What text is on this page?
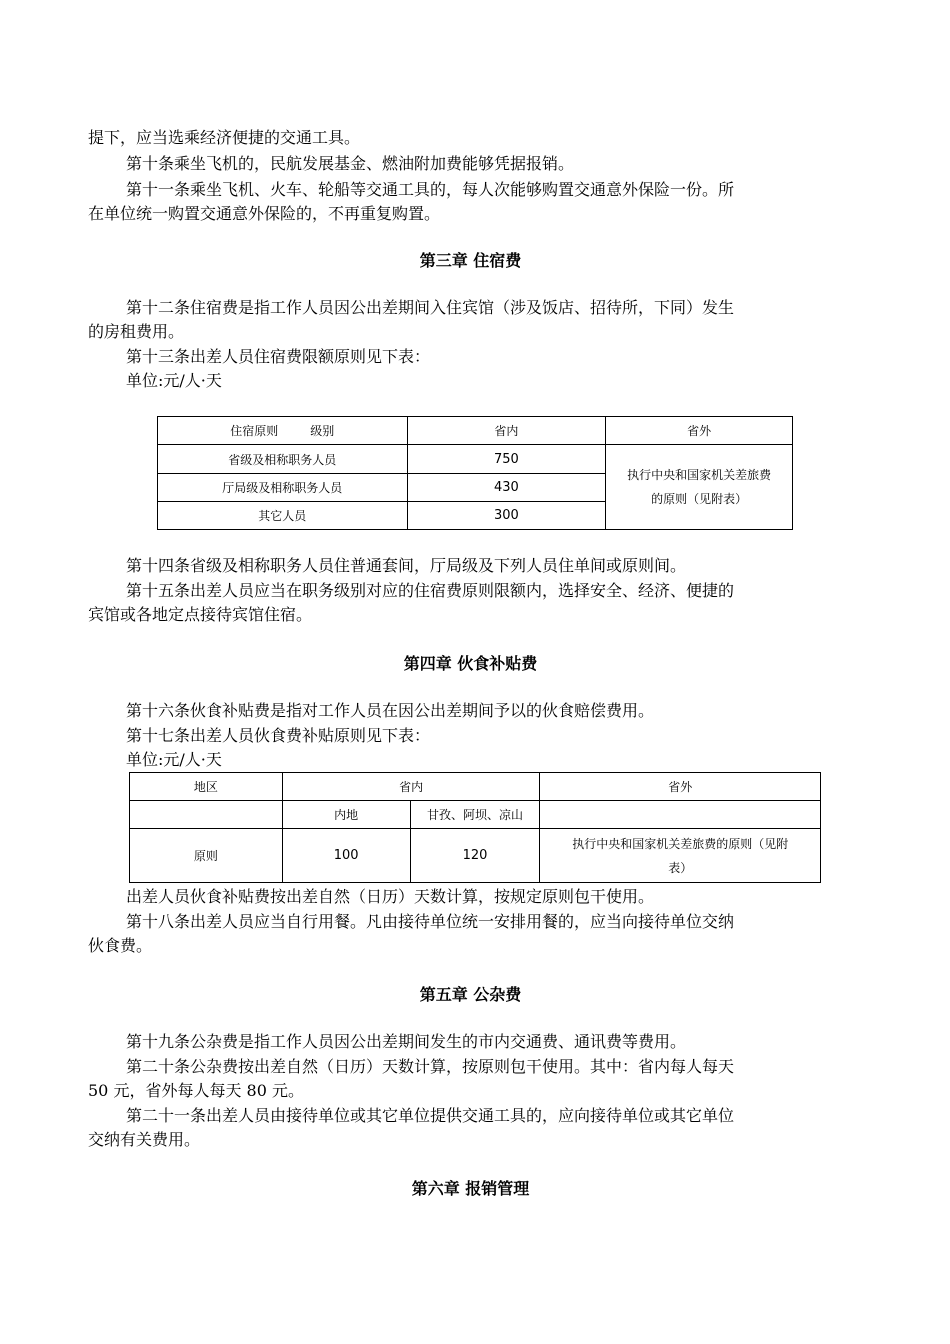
提下，应当选乘经济便捷的交通工具。

第十条乘坐飞机的，民航发展基金、燃油附加费能够凭据报销。

第十一条乘坐飞机、火车、轮船等交通工具的，每人次能够购置交通意外保险一份。所

在单位统一购置交通意外保险的，不再重复购置。

第三章 住宿费

第十二条住宿费是指工作人员因公出差期间入住宾馆（涉及饭店、招待所，下同）发生

的房租费用。

第十三条出差人员住宿费限额原则见下表：

单位:元/人·天

住宿原则 级别	省内	省外
省级及相称职务人员	750	执行中央和国家机关差旅费
的原则（见附表）
厅局级及相称职务人员	430	
其它人员	300	

第十四条省级及相称职务人员住普通套间，厅局级及下列人员住单间或原则间。

第十五条出差人员应当在职务级别对应的住宿费原则限额内，选择安全、经济、便捷的

宾馆或各地定点接待宾馆住宿。

第四章 伙食补贴费

第十六条伙食补贴费是指对工作人员在因公出差期间予以的伙食赔偿费用。

第十七条出差人员伙食费补贴原则见下表：

单位:元/人·天

地区	省内		省外
	内地	甘孜、阿坝、凉山	
原则	100	120	执行中央和国家机关差旅费的原则（见附
表）

出差人员伙食补贴费按出差自然（日历）天数计算，按规定原则包干使用。

第十八条出差人员应当自行用餐。凡由接待单位统一安排用餐的，应当向接待单位交纳

伙食费。

第五章 公杂费

第十九条公杂费是指工作人员因公出差期间发生的市内交通费、通讯费等费用。

第二十条公杂费按出差自然（日历）天数计算，按原则包干使用。其中：省内每人每天

50 元，省外每人每天 80 元。

第二十一条出差人员由接待单位或其它单位提供交通工具的，应向接待单位或其它单位

交纳有关费用。

第六章 报销管理
